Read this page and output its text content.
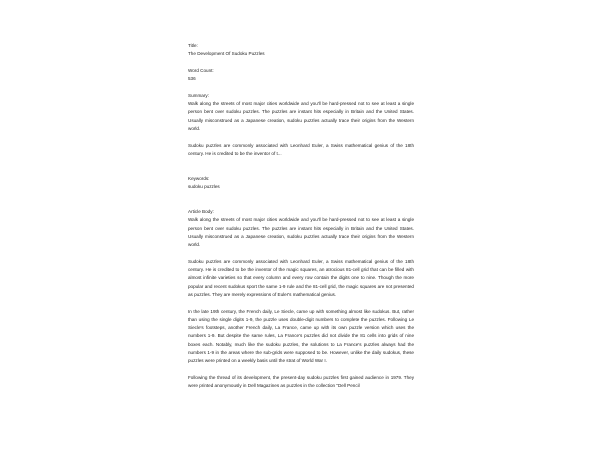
Title:
The Development Of Sudoku Puzzles
Word Count:
536
Summary:

Walk along the streets of most major cities worldwide and you'll be hard-pressed not to see at least a single person bent over sudoku puzzles. The puzzles are instant hits especially in Britain and the United States. Usually misconstrued as a Japanese creation, sudoku puzzles actually trace their origins from the Western world.

Sudoku puzzles are commonly associated with Leonhard Euler, a Swiss mathematical genius of the 18th century. He is credited to be the inventor of t...

Keywords:
sudoku puzzles
Article Body:

Walk along the streets of most major cities worldwide and you'll be hard-pressed not to see at least a single person bent over sudoku puzzles. The puzzles are instant hits especially in Britain and the United States. Usually misconstrued as a Japanese creation, sudoku puzzles actually trace their origins from the Western world.

Sudoku puzzles are commonly associated with Leonhard Euler, a Swiss mathematical genius of the 18th century. He is credited to be the inventor of the magic squares, an atrocious 81-cell grid that can be filled with almost infinite varieties so that every column and every row contain the digits one to nine. Though the more popular and recent sudokus sport the same 1-9 rule and the 81-cell grid, the magic squares are not presented as puzzles. They are merely expressions of Euler's mathematical genius.

In the late 19th century, the French daily, Le Siecle, came up with something almost like sudokus. But, rather than using the single digits 1-9, the puzzle uses double-digit numbers to complete the puzzles. Following Le Siecle's footsteps, another French daily, La France, came up with its own puzzle version which uses the numbers 1-9. But despite the same rules, La France's puzzles did not divide the 81 cells into grids of nine boxes each. Notably, much like the sudoku puzzles, the solutions to La France's puzzles always had the numbers 1-9 in the areas where the sub-grids were supposed to be. However, unlike the daily sudokus, these puzzles were printed on a weekly basis until the strat of World War I.

Following the thread of its development, the present-day sudoku puzzles first gained audience in 1979. They were printed anonymously in Dell Magazines as puzzles in the collection "Dell Pencil
